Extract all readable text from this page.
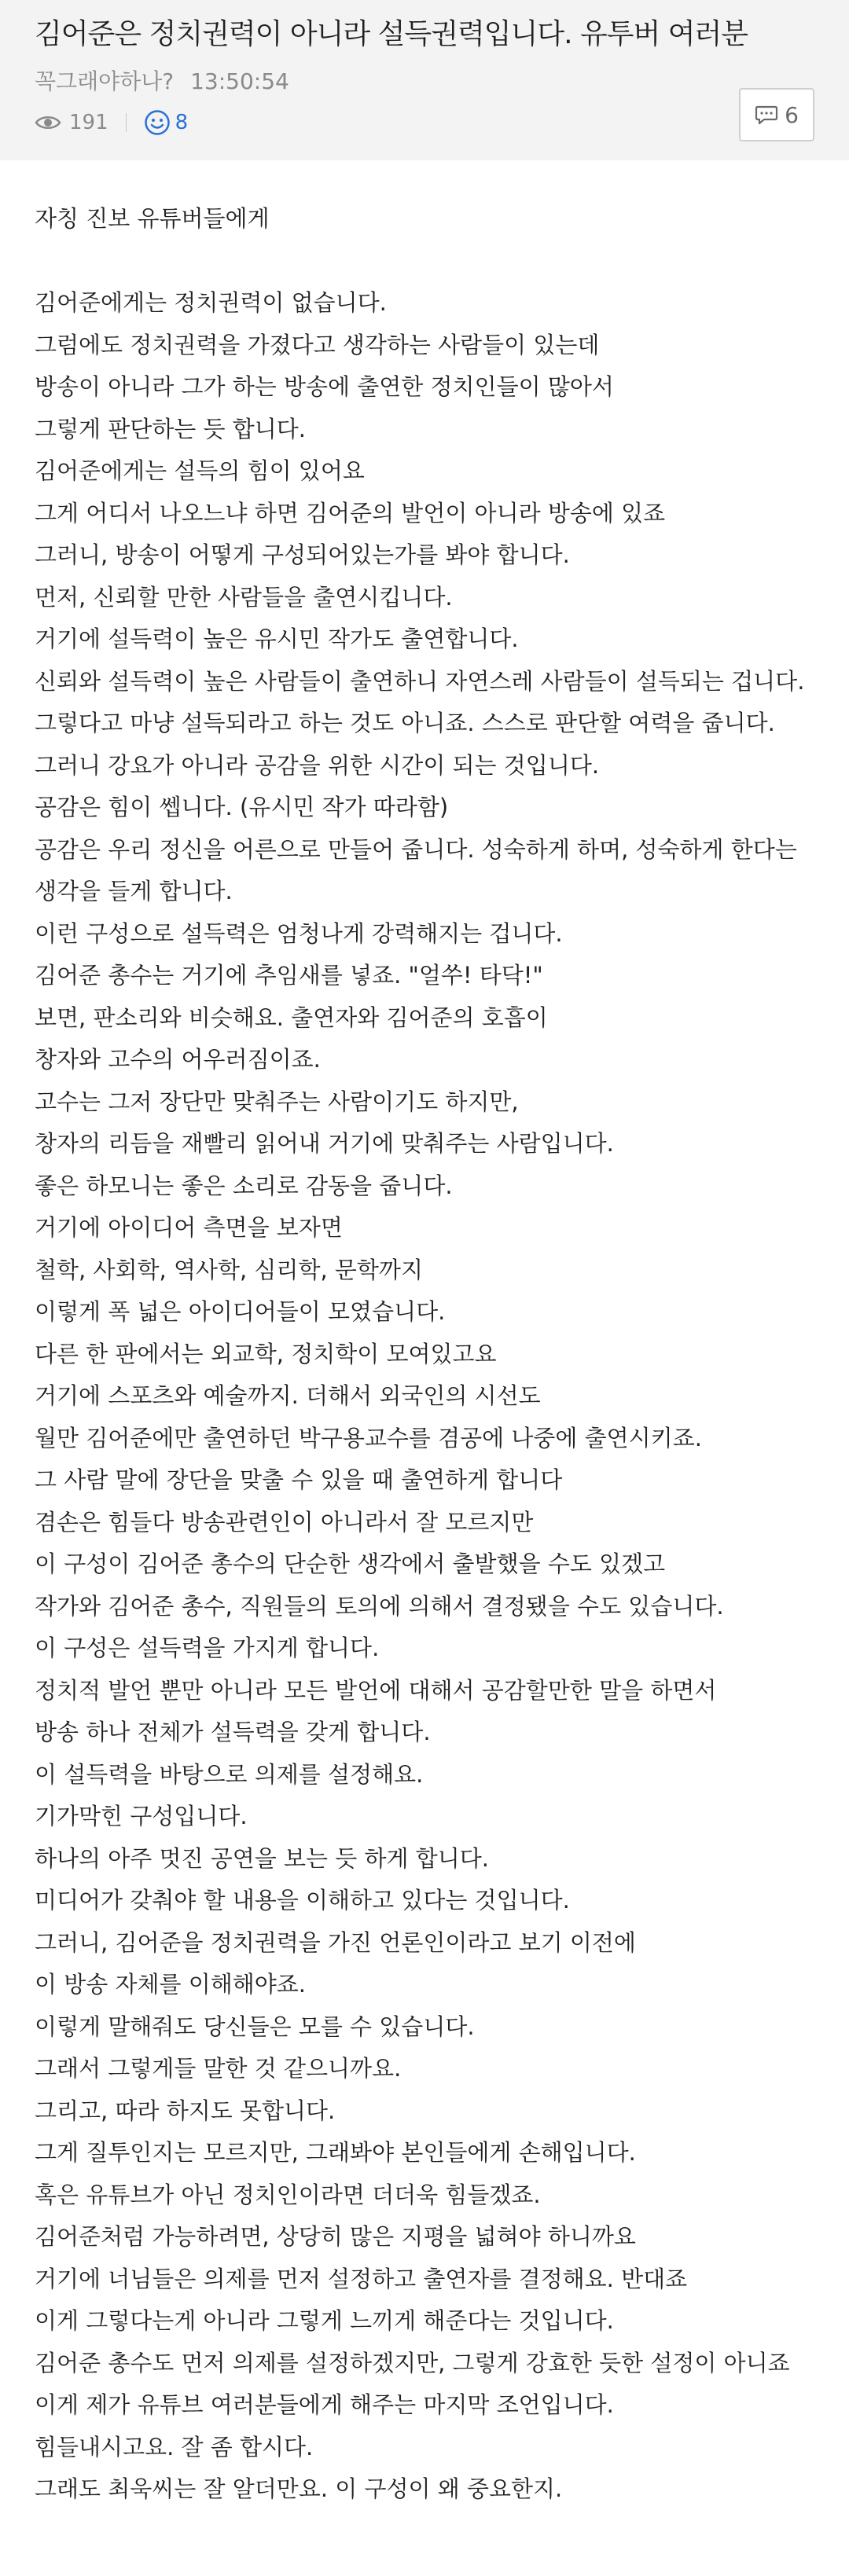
김어준은 정치권력이 아니라 설득권력입니다. 유투버 여러분
꼭그래야하나? 13:50:54
191	8	6

자칭 진보 유튜버들에게

김어준에게는 정치권력이 없습니다.

그럼에도 정치권력을 가졌다고 생각하는 사람들이 있는데

방송이 아니라 그가 하는 방송에 출연한 정치인들이 많아서

그렇게 판단하는 듯 합니다.

김어준에게는 설득의 힘이 있어요

그게 어디서 나오느냐 하면 김어준의 발언이 아니라 방송에 있죠

그러니, 방송이 어떻게 구성되어있는가를 봐야 합니다.

먼저, 신뢰할 만한 사람들을 출연시킵니다.

거기에 설득력이 높은 유시민 작가도 출연합니다.

신뢰와 설득력이 높은 사람들이 출연하니 자연스레 사람들이 설득되는 겁니다.

그렇다고 마냥 설득되라고 하는 것도 아니죠. 스스로 판단할 여력을 줍니다.

그러니 강요가 아니라 공감을 위한 시간이 되는 것입니다.

공감은 힘이 쎕니다. (유시민 작가 따라함)

공감은 우리 정신을 어른으로 만들어 줍니다. 성숙하게 하며, 성숙하게 한다는 생각을 들게 합니다.

이런 구성으로 설득력은 엄청나게 강력해지는 겁니다.

김어준 총수는 거기에 추임새를 넣죠. "얼쑤! 타닥!"

보면, 판소리와 비슷해요. 출연자와 김어준의 호흡이

창자와 고수의 어우러짐이죠.

고수는 그저 장단만 맞춰주는 사람이기도 하지만,

창자의 리듬을 재빨리 읽어내 거기에 맞춰주는 사람입니다.

좋은 하모니는 좋은 소리로 감동을 줍니다.

거기에 아이디어 측면을 보자면

철학, 사회학, 역사학, 심리학, 문학까지

이렇게 폭 넓은 아이디어들이 모였습니다.

다른 한 판에서는 외교학, 정치학이 모여있고요

거기에 스포츠와 예술까지. 더해서 외국인의 시선도

월만 김어준에만 출연하던 박구용교수를 겸공에 나중에 출연시키죠.

그 사람 말에 장단을 맞출 수 있을 때 출연하게 합니다

겸손은 힘들다 방송관련인이 아니라서 잘 모르지만

이 구성이 김어준 총수의 단순한 생각에서 출발했을 수도 있겠고

작가와 김어준 총수, 직원들의 토의에 의해서 결정됐을 수도 있습니다.

이 구성은 설득력을 가지게 합니다.

정치적 발언 뿐만 아니라 모든 발언에 대해서 공감할만한 말을 하면서

방송 하나 전체가 설득력을 갖게 합니다.

이 설득력을 바탕으로 의제를 설정해요.

기가막힌 구성입니다.

하나의 아주 멋진 공연을 보는 듯 하게 합니다.

미디어가 갖춰야 할 내용을 이해하고 있다는 것입니다.

그러니, 김어준을 정치권력을 가진 언론인이라고 보기 이전에

이 방송 자체를 이해해야죠.

이렇게 말해줘도 당신들은 모를 수 있습니다.

그래서 그렇게들 말한 것 같으니까요.

그리고, 따라 하지도 못합니다.

그게 질투인지는 모르지만, 그래봐야 본인들에게 손해입니다.

혹은 유튜브가 아닌 정치인이라면 더더욱 힘들겠죠.

김어준처럼 가능하려면, 상당히 많은 지평을 넓혀야 하니까요

거기에 너님들은 의제를 먼저 설정하고 출연자를 결정해요. 반대죠

이게 그렇다는게 아니라 그렇게 느끼게 해준다는 것입니다.

김어준 총수도 먼저 의제를 설정하겠지만, 그렇게 강효한 듯한 설정이 아니죠

이게 제가 유튜브 여러분들에게 해주는 마지막 조언입니다.

힘들내시고요. 잘 좀 합시다.

그래도 최욱씨는 잘 알더만요. 이 구성이 왜 중요한지.
